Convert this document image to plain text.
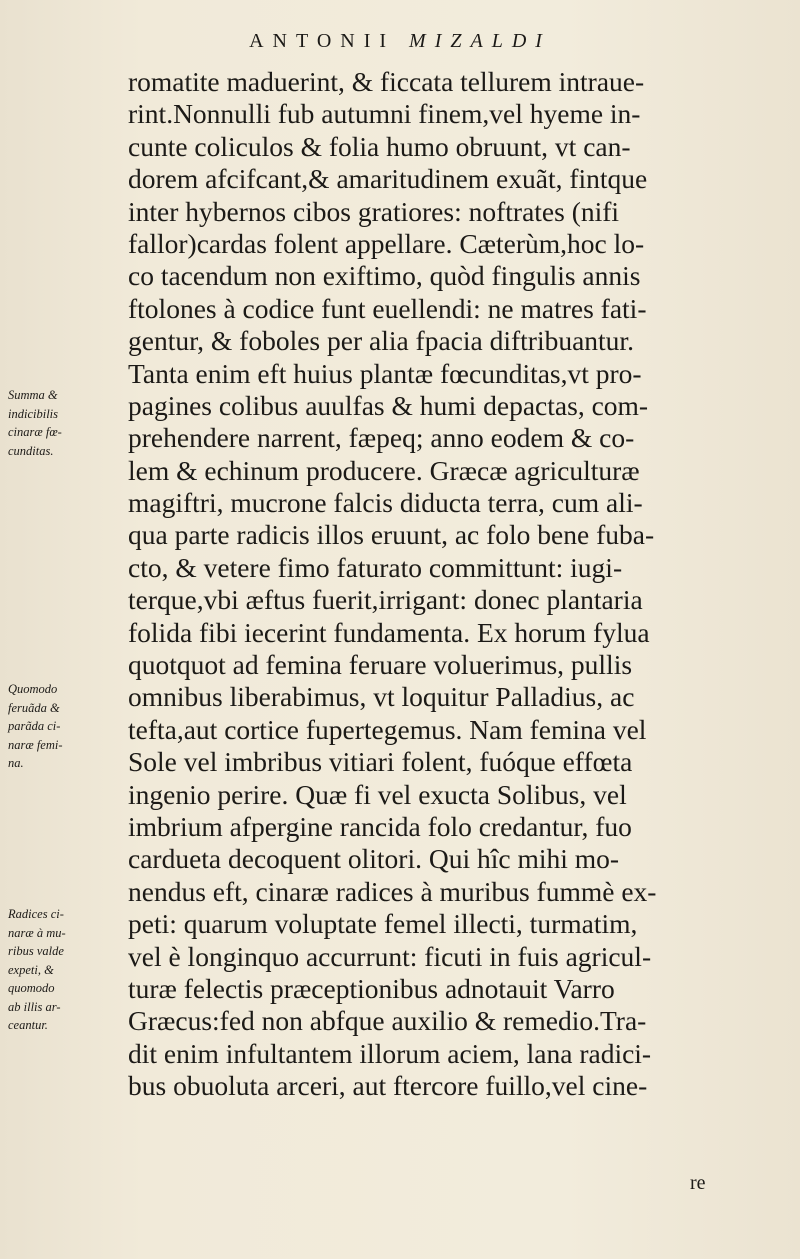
ANTONII MIZALDI
Summa &
indicibilis
cinaræ fœ-
cunditas.
Quomodo
feruãda &
parãda ci-
naræ femi-
na.
Radices ci-
naræ à mu-
ribus valde
expeti, &
quomodo
ab illis ar-
ceantur.
romatite maduerint, & ficcata tellurem intraue-
rint.Nonnulli fub autumni finem,vel hyeme in-
cunte coliculos & folia humo obruunt, vt can-
dorem afcifcant,& amaritudinem exuãt, fintque
inter hybernos cibos gratiores: noftrates (nifi
fallor)cardas folent appellare. Cæterùm,hoc lo-
co tacendum non exiftimo, quòd fingulis annis
ftolones à codice funt euellendi: ne matres fati-
gentur, & foboles per alia fpacia diftribuantur.
Tanta enim eft huius plantæ fœcunditas,vt pro-
pagines colibus auulfas & humi depactas, com-
prehendere narrent, fæpeq; anno eodem & co-
lem & echinum producere. Græcæ agriculturæ
magiftri, mucrone falcis diducta terra, cum ali-
qua parte radicis illos eruunt, ac folo bene fuba-
cto, & vetere fimo faturato committunt: iugi-
terque,vbi æftus fuerit,irrigant: donec plantaria
folida fibi iecerint fundamenta. Ex horum fylua
quotquot ad femina feruare voluerimus, pullis
omnibus liberabimus, vt loquitur Palladius, ac
tefta,aut cortice fupertegemus. Nam femina vel
Sole vel imbribus vitiari folent, fuóque effœta
ingenio perire. Quæ fi vel exucta Solibus, vel
imbrium afpergine rancida folo credantur, fuo
cardueta decoquent olitori. Qui hîc mihi mo-
nendus eft, cinaræ radices à muribus fummè ex-
peti: quarum voluptate femel illecti, turmatim,
vel è longinquo accurrunt: ficuti in fuis agricul-
turæ felectis præceptionibus adnotauit Varro
Græcus:fed non abfque auxilio & remedio.Tra-
dit enim infultantem illorum aciem, lana radici-
bus obuoluta arceri, aut ftercore fuillo,vel cine-
re
